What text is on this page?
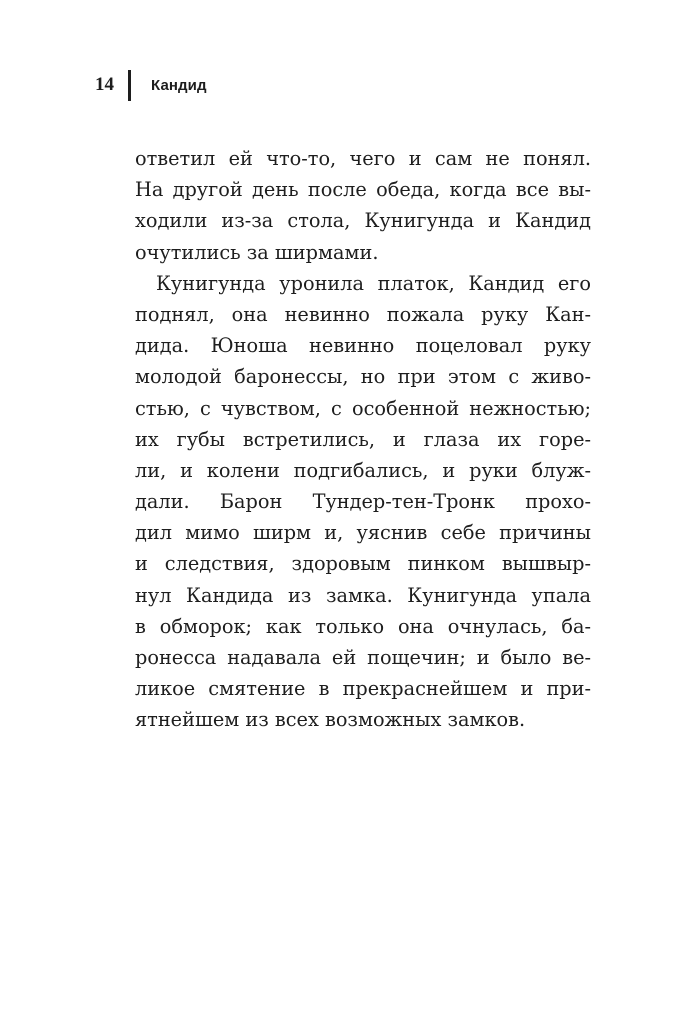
14 Кандид
ответил ей что-то, чего и сам не понял.
На другой день после обеда, когда все вы-
ходили из-за стола, Кунигунда и Кандид
очутились за ширмами.
Кунигунда уронила платок, Кандид его
поднял, она невинно пожала руку Кан-
дида. Юноша невинно поцеловал руку
молодой баронессы, но при этом с живо-
стью, с чувством, с особенной нежностью;
их губы встретились, и глаза их горе-
ли, и колени подгибались, и руки блуж-
дали. Барон Тундер-тен-Тронк прохо-
дил мимо ширм и, уяснив себе причины
и следствия, здоровым пинком вышвыр-
нул Кандида из замка. Кунигунда упала
в обморок; как только она очнулась, ба-
ронесса надавала ей пощечин; и было ве-
ликое смятение в прекраснейшем и при-
ятнейшем из всех возможных замков.
